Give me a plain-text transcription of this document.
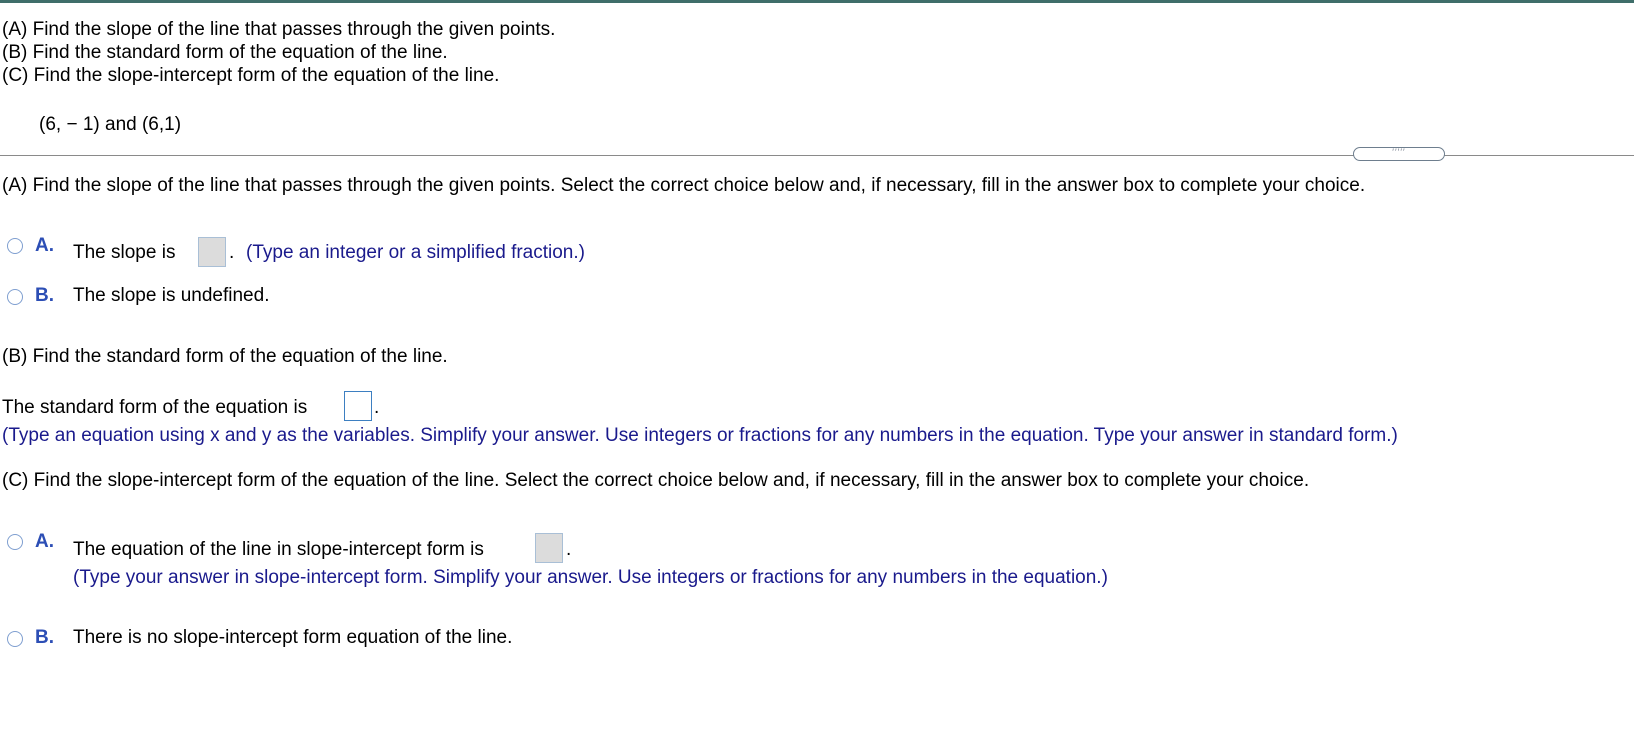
(A) Find the slope of the line that passes through the given points.
(B) Find the standard form of the equation of the line.
(C) Find the slope-intercept form of the equation of the line.
(6, − 1) and (6,1)
′′′′′
(A) Find the slope of the line that passes through the given points. Select the correct choice below and, if necessary, fill in the answer box to complete your choice.
A. The slope is	. (Type an integer or a simplified fraction.)
B. The slope is undefined.
(B) Find the standard form of the equation of the line.
The standard form of the equation is	.
(Type an equation using x and y as the variables. Simplify your answer. Use integers or fractions for any numbers in the equation. Type your answer in standard form.)
(C) Find the slope-intercept form of the equation of the line. Select the correct choice below and, if necessary, fill in the answer box to complete your choice.
A. The equation of the line in slope-intercept form is	.
(Type your answer in slope-intercept form. Simplify your answer. Use integers or fractions for any numbers in the equation.)
B. There is no slope-intercept form equation of the line.
